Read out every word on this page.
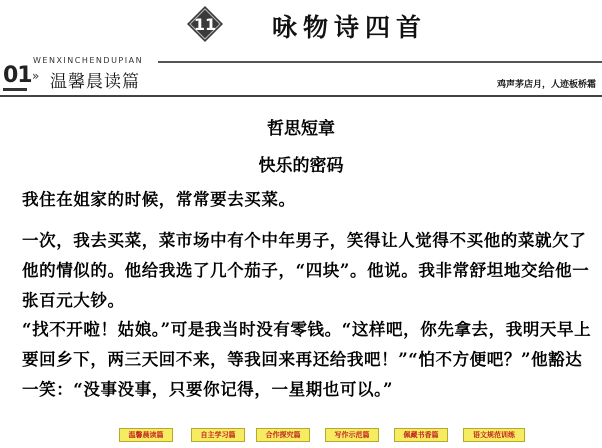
11 咏物诗四首
01
WENXINCHENDUPIAN
» 温馨晨读篇	鸡声茅店月，人迹板桥霜
哲思短章
快乐的密码
我住在姐家的时候，常常要去买菜。
一次，我去买菜，菜市场中有个中年男子，笑得让人觉得不买他的菜就欠了他的情似的。他给我选了几个茄子，“四块”。他说。我非常舒坦地交给他一张百元大钞。
“找不开啦！姑娘。”可是我当时没有零钱。“这样吧，你先拿去，我明天早上要回乡下，两三天回不来，等我回来再还给我吧！”“怕不方便吧？”他豁达一笑：“没事没事，只要你记得，一星期也可以。”
温馨晨读篇	自主学习篇	合作探究篇	写作示范篇	佩藏书香篇	语文规范训练
